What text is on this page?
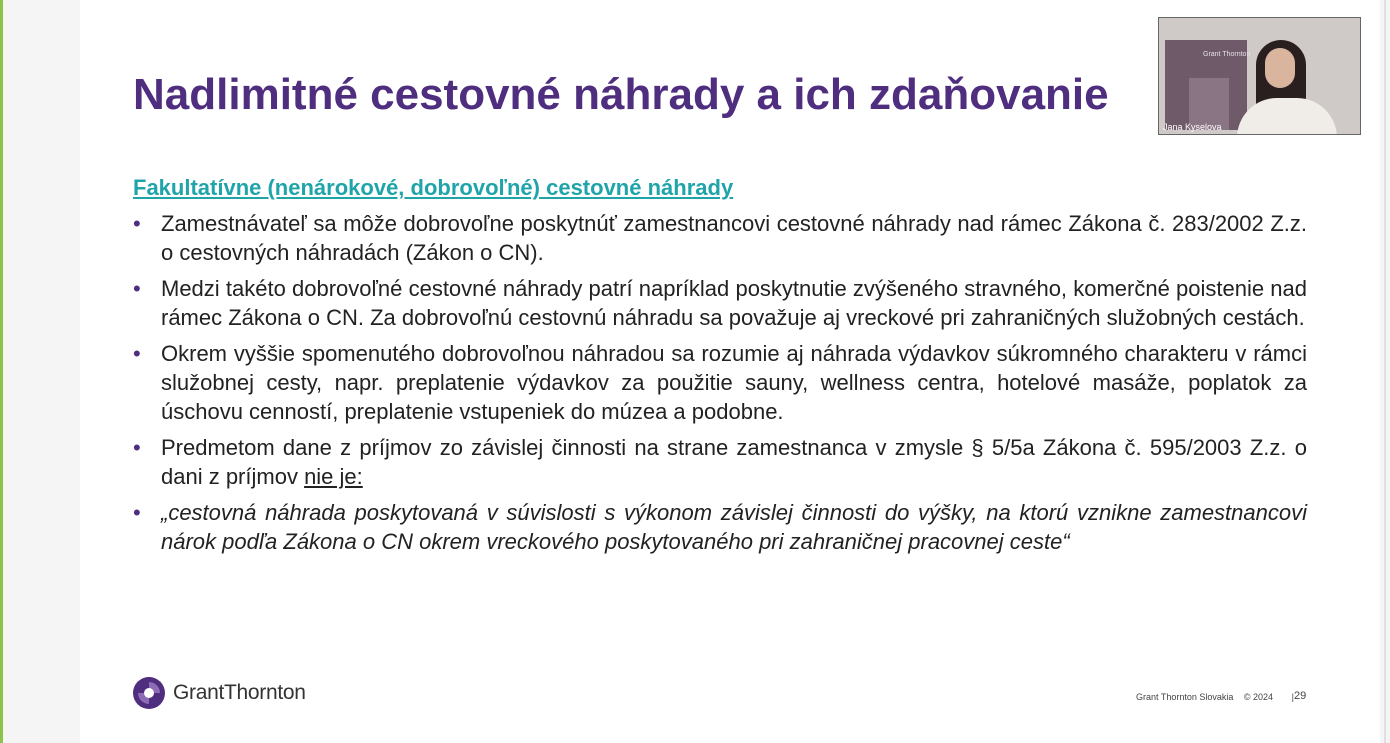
Nadlimitné cestovné náhrady a ich zdaňovanie
Fakultatívne (nenárokové, dobrovoľné) cestovné náhrady
• Zamestnávateľ sa môže dobrovoľne poskytnúť zamestnancovi cestovné náhrady nad rámec Zákona č. 283/2002 Z.z. o cestovných náhradách (Zákon o CN).
• Medzi takéto dobrovoľné cestovné náhrady patrí napríklad poskytnutie zvýšeného stravného, komerčné poistenie nad rámec Zákona o CN. Za dobrovoľnú cestovnú náhradu sa považuje aj vreckové pri zahraničných služobných cestách.
• Okrem vyššie spomenutého dobrovoľnou náhradou sa rozumie aj náhrada výdavkov súkromného charakteru v rámci služobnej cesty, napr. preplatenie výdavkov za použitie sauny, wellness centra, hotelové masáže, poplatok za úschovu cenností, preplatenie vstupeniek do múzea a podobne.
• Predmetom dane z príjmov zo závislej činnosti na strane zamestnanca v zmysle § 5/5a Zákona č. 595/2003 Z.z. o dani z príjmov nie je:
• „cestovná náhrada poskytovaná v súvislosti s výkonom závislej činnosti do výšky, na ktorú vznikne zamestnancovi nárok podľa Zákona o CN okrem vreckového poskytovaného pri zahraničnej pracovnej ceste“
GrantThornton	Grant Thornton Slovakia © 2024 | 29
Grant Thornton
Jana Kyselova
